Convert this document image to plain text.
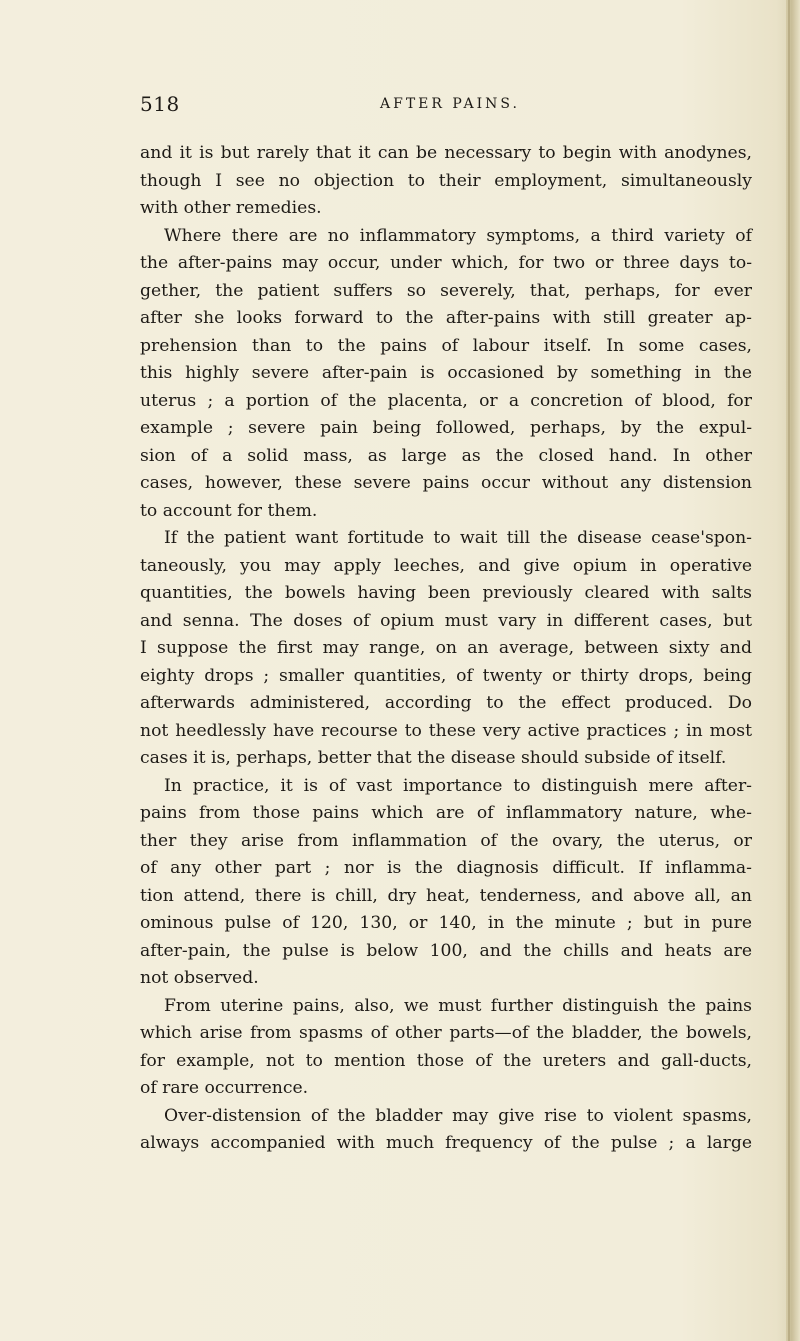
518	AFTER PAINS.
and it is but rarely that it can be necessary to begin with anodynes,
though I see no objection to their employment, simultaneously
with other remedies.
Where there are no inflammatory symptoms, a third variety of
the after-pains may occur, under which, for two or three days to-
gether, the patient suffers so severely, that, perhaps, for ever
after she looks forward to the after-pains with still greater ap-
prehension than to the pains of labour itself. In some cases,
this highly severe after-pain is occasioned by something in the
uterus ; a portion of the placenta, or a concretion of blood, for
example ; severe pain being followed, perhaps, by the expul-
sion of a solid mass, as large as the closed hand. In other
cases, however, these severe pains occur without any distension
to account for them.
If the patient want fortitude to wait till the disease cease'spon-
taneously, you may apply leeches, and give opium in operative
quantities, the bowels having been previously cleared with salts
and senna. The doses of opium must vary in different cases, but
I suppose the first may range, on an average, between sixty and
eighty drops ; smaller quantities, of twenty or thirty drops, being
afterwards administered, according to the effect produced. Do
not heedlessly have recourse to these very active practices ; in most
cases it is, perhaps, better that the disease should subside of itself.
In practice, it is of vast importance to distinguish mere after-
pains from those pains which are of inflammatory nature, whe-
ther they arise from inflammation of the ovary, the uterus, or
of any other part ; nor is the diagnosis difficult. If inflamma-
tion attend, there is chill, dry heat, tenderness, and above all, an
ominous pulse of 120, 130, or 140, in the minute ; but in pure
after-pain, the pulse is below 100, and the chills and heats are
not observed.
From uterine pains, also, we must further distinguish the pains
which arise from spasms of other parts—of the bladder, the bowels,
for example, not to mention those of the ureters and gall-ducts,
of rare occurrence.
Over-distension of the bladder may give rise to violent spasms,
always accompanied with much frequency of the pulse ; a large
